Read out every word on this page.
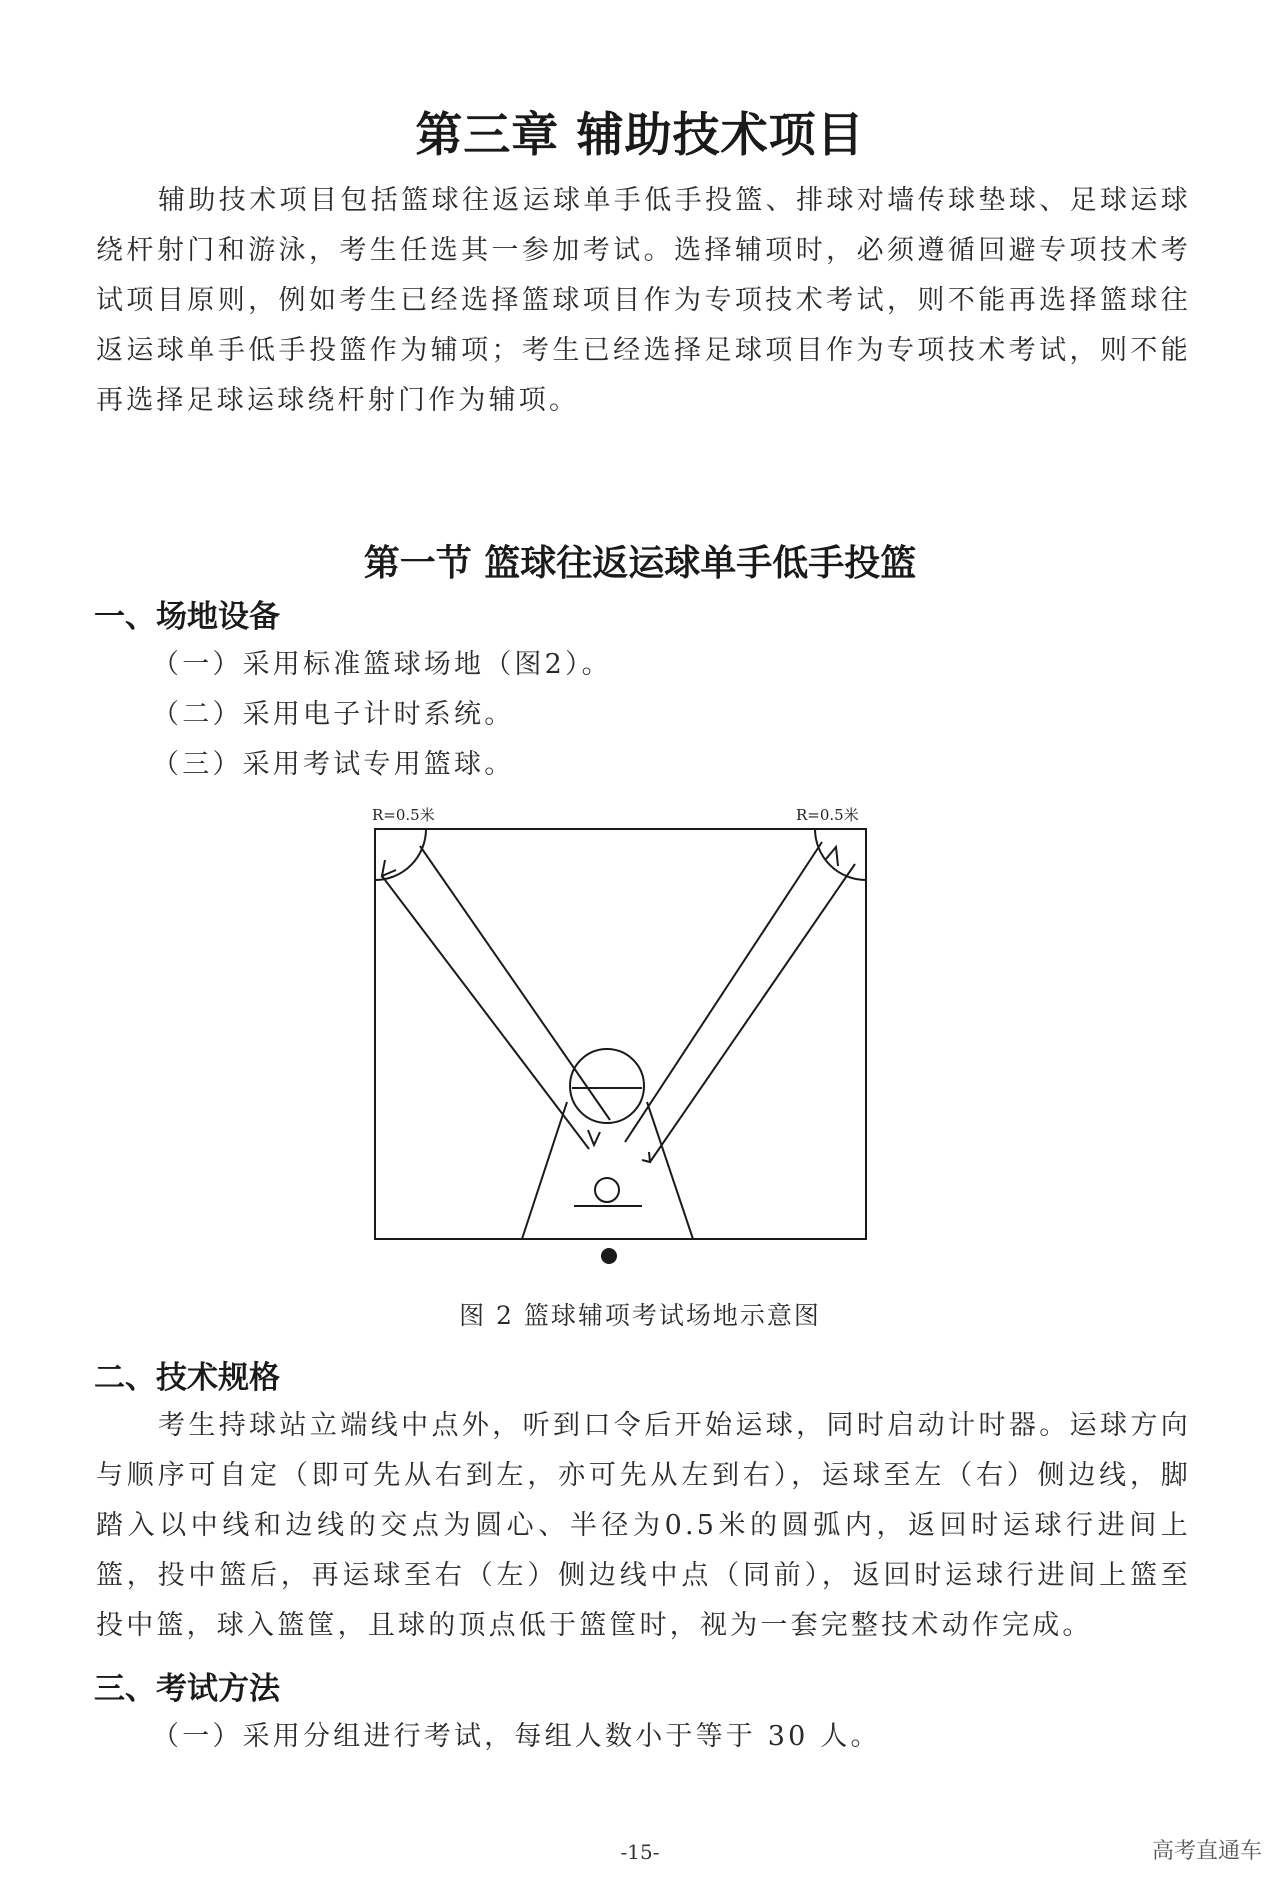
第三章 辅助技术项目
辅助技术项目包括篮球往返运球单手低手投篮、排球对墙传球垫球、足球运球绕杆射门和游泳，考生任选其一参加考试。选择辅项时，必须遵循回避专项技术考试项目原则，例如考生已经选择篮球项目作为专项技术考试，则不能再选择篮球往返运球单手低手投篮作为辅项；考生已经选择足球项目作为专项技术考试，则不能再选择足球运球绕杆射门作为辅项。
第一节 篮球往返运球单手低手投篮
一、场地设备
（一）采用标准篮球场地（图2）。
（二）采用电子计时系统。
（三）采用考试专用篮球。
R=0.5米	R=0.5米
图 2 篮球辅项考试场地示意图
二、技术规格
考生持球站立端线中点外，听到口令后开始运球，同时启动计时器。运球方向与顺序可自定（即可先从右到左，亦可先从左到右），运球至左（右）侧边线，脚踏入以中线和边线的交点为圆心、半径为0.5米的圆弧内，返回时运球行进间上篮，投中篮后，再运球至右（左）侧边线中点（同前），返回时运球行进间上篮至投中篮，球入篮筐，且球的顶点低于篮筐时，视为一套完整技术动作完成。
三、考试方法
（一）采用分组进行考试，每组人数小于等于 30 人。
-15-	高考直通车
